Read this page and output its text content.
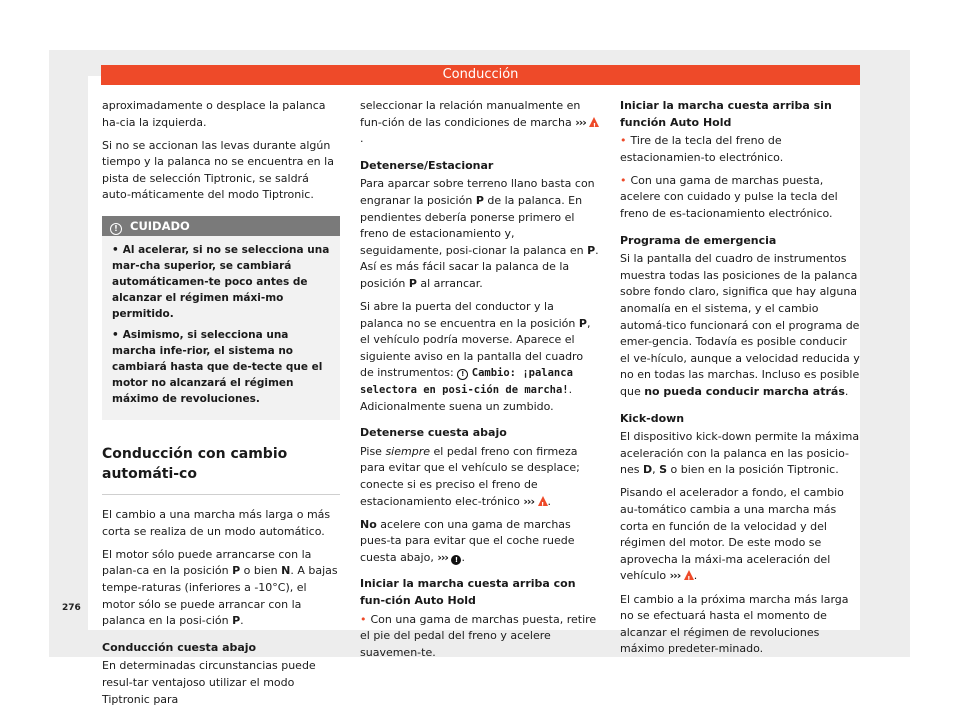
Conducción

aproximadamente o desplace la palanca ha-cia la izquierda.

Si no se accionan las levas durante algún tiempo y la palanca no se encuentra en la pista de selección Tiptronic, se saldrá auto-máticamente del modo Tiptronic.

! CUIDADO

• Al acelerar, si no se selecciona una mar-cha superior, se cambiará automáticamen-te poco antes de alcanzar el régimen máxi-mo permitido.

• Asimismo, si selecciona una marcha infe-rior, el sistema no cambiará hasta que de-tecte que el motor no alcanzará el régimen máximo de revoluciones.

Conducción con cambio automáti-co

El cambio a una marcha más larga o más corta se realiza de un modo automático.

El motor sólo puede arrancarse con la palan-ca en la posición P o bien N. A bajas tempe-raturas (inferiores a -10°C), el motor sólo se puede arrancar con la palanca en la posi-ción P.

Conducción cuesta abajo

En determinadas circunstancias puede resul-tar ventajoso utilizar el modo Tiptronic para

seleccionar la relación manualmente en fun-ción de las condiciones de marcha ››› !.

Detenerse/Estacionar

Para aparcar sobre terreno llano basta con engranar la posición P de la palanca. En pendientes debería ponerse primero el freno de estacionamiento y, seguidamente, posi-cionar la palanca en P. Así es más fácil sacar la palanca de la posición P al arrancar.

Si abre la puerta del conductor y la palanca no se encuentra en la posición P, el vehículo podría moverse. Aparece el siguiente aviso en la pantalla del cuadro de instrumentos: ! Cambio: ¡palanca selectora en posi-ción de marcha!. Adicionalmente suena un zumbido.

Detenerse cuesta abajo

Pise siempre el pedal freno con firmeza para evitar que el vehículo se desplace; conecte si es preciso el freno de estacionamiento elec-trónico ››› ! .

No acelere con una gama de marchas pues-ta para evitar que el coche ruede cuesta abajo, ››› ! .

Iniciar la marcha cuesta arriba con fun-ción Auto Hold

• Con una gama de marchas puesta, retire el pie del pedal del freno y acelere suavemen-te.

Iniciar la marcha cuesta arriba sin función Auto Hold

• Tire de la tecla del freno de estacionamien-to electrónico.

• Con una gama de marchas puesta, acelere con cuidado y pulse la tecla del freno de es-tacionamiento electrónico.

Programa de emergencia

Si la pantalla del cuadro de instrumentos muestra todas las posiciones de la palanca sobre fondo claro, significa que hay alguna anomalía en el sistema, y el cambio automá-tico funcionará con el programa de emer-gencia. Todavía es posible conducir el ve-hículo, aunque a velocidad reducida y no en todas las marchas. Incluso es posible que no pueda conducir marcha atrás.

Kick-down

El dispositivo kick-down permite la máxima aceleración con la palanca en las posicio-nes D, S o bien en la posición Tiptronic.

Pisando el acelerador a fondo, el cambio au-tomático cambia a una marcha más corta en función de la velocidad y del régimen del motor. De este modo se aprovecha la máxi-ma aceleración del vehículo ››› ! .

El cambio a la próxima marcha más larga no se efectuará hasta el momento de alcanzar el régimen de revoluciones máximo predeter-minado.

276
